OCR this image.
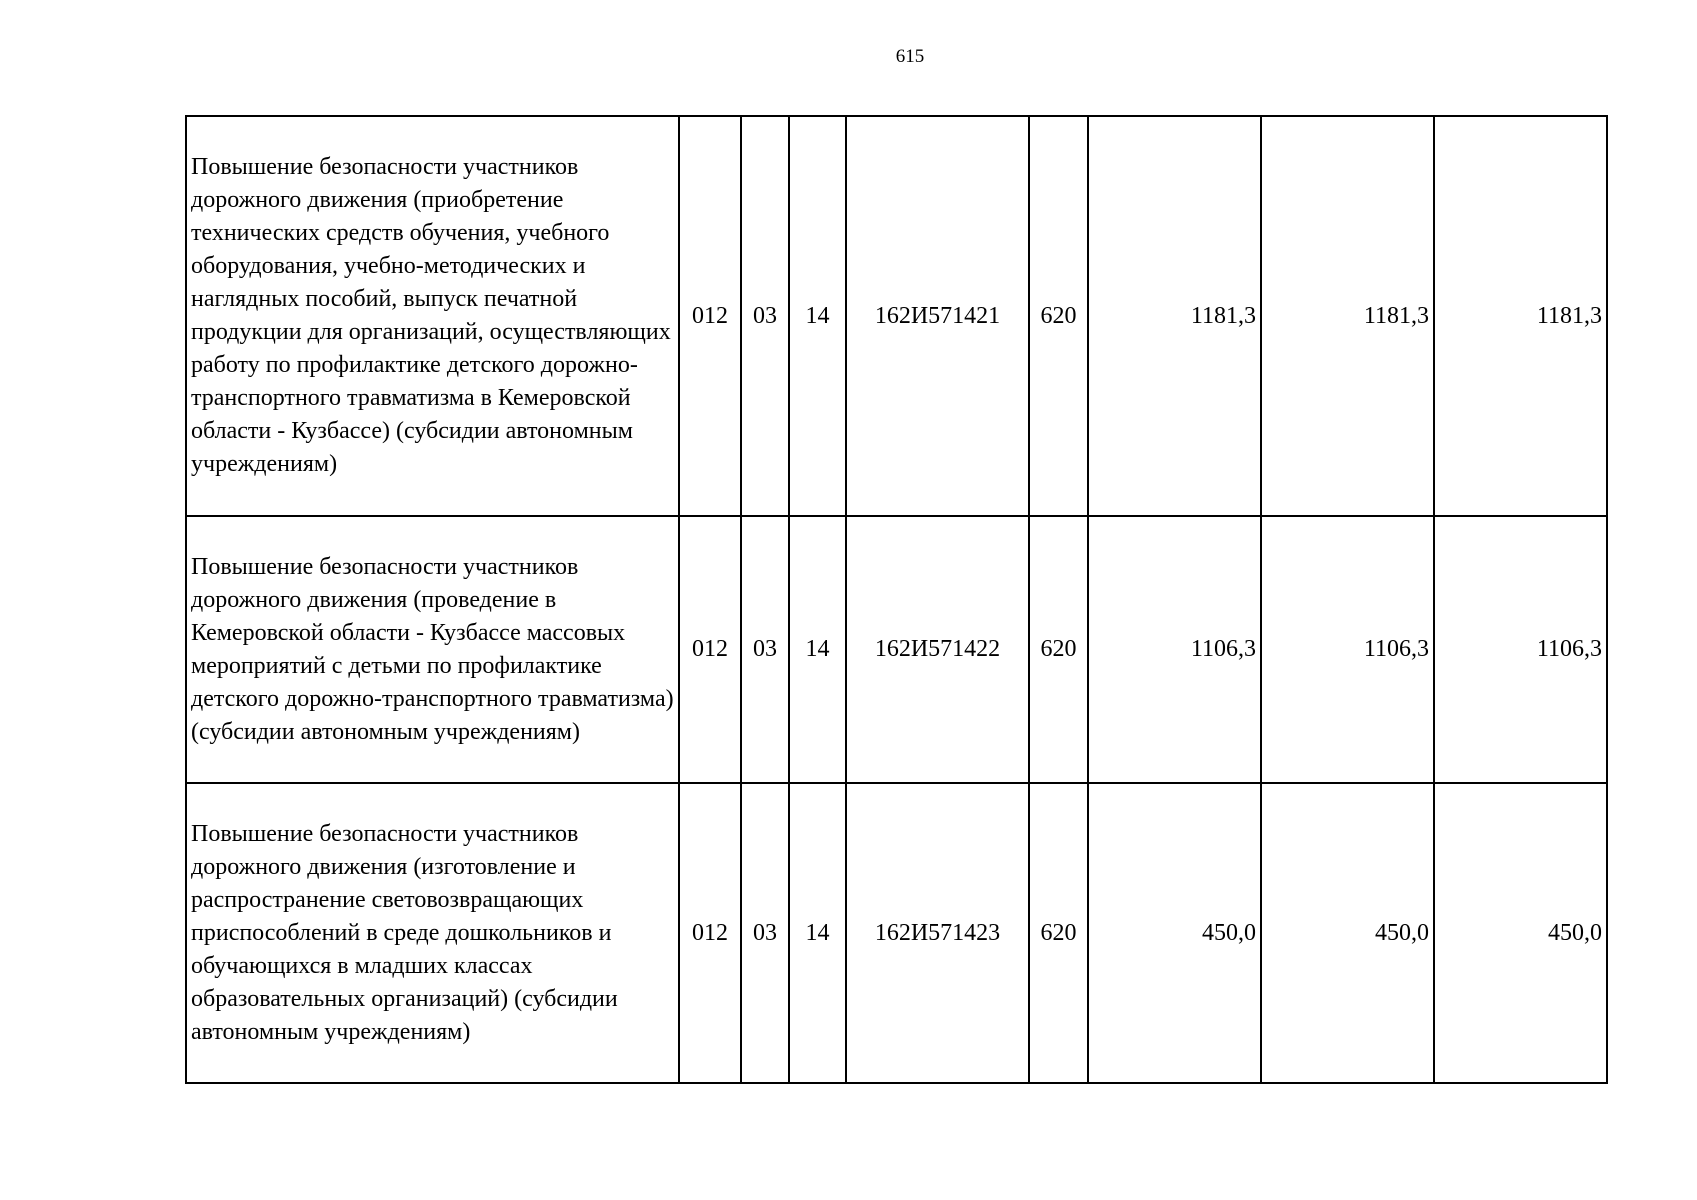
615
Повышение безопасности участников дорожного движения (приобретение технических средств обучения, учебного оборудования, учебно-методических и наглядных пособий, выпуск печатной продукции для организаций, осуществляющих работу по профилактике детского дорожно-транспортного травматизма в Кемеровской области - Кузбассе) (субсидии автономным учреждениям)	012	03	14	162И571421	620	1181,3	1181,3	1181,3
Повышение безопасности участников дорожного движения (проведение в Кемеровской области - Кузбассе массовых мероприятий с детьми по профилактике детского дорожно-транспортного травматизма) (субсидии автономным учреждениям)	012	03	14	162И571422	620	1106,3	1106,3	1106,3
Повышение безопасности участников дорожного движения (изготовление и распространение световозвращающих приспособлений в среде дошкольников и обучающихся в младших классах образовательных организаций) (субсидии автономным учреждениям)	012	03	14	162И571423	620	450,0	450,0	450,0
